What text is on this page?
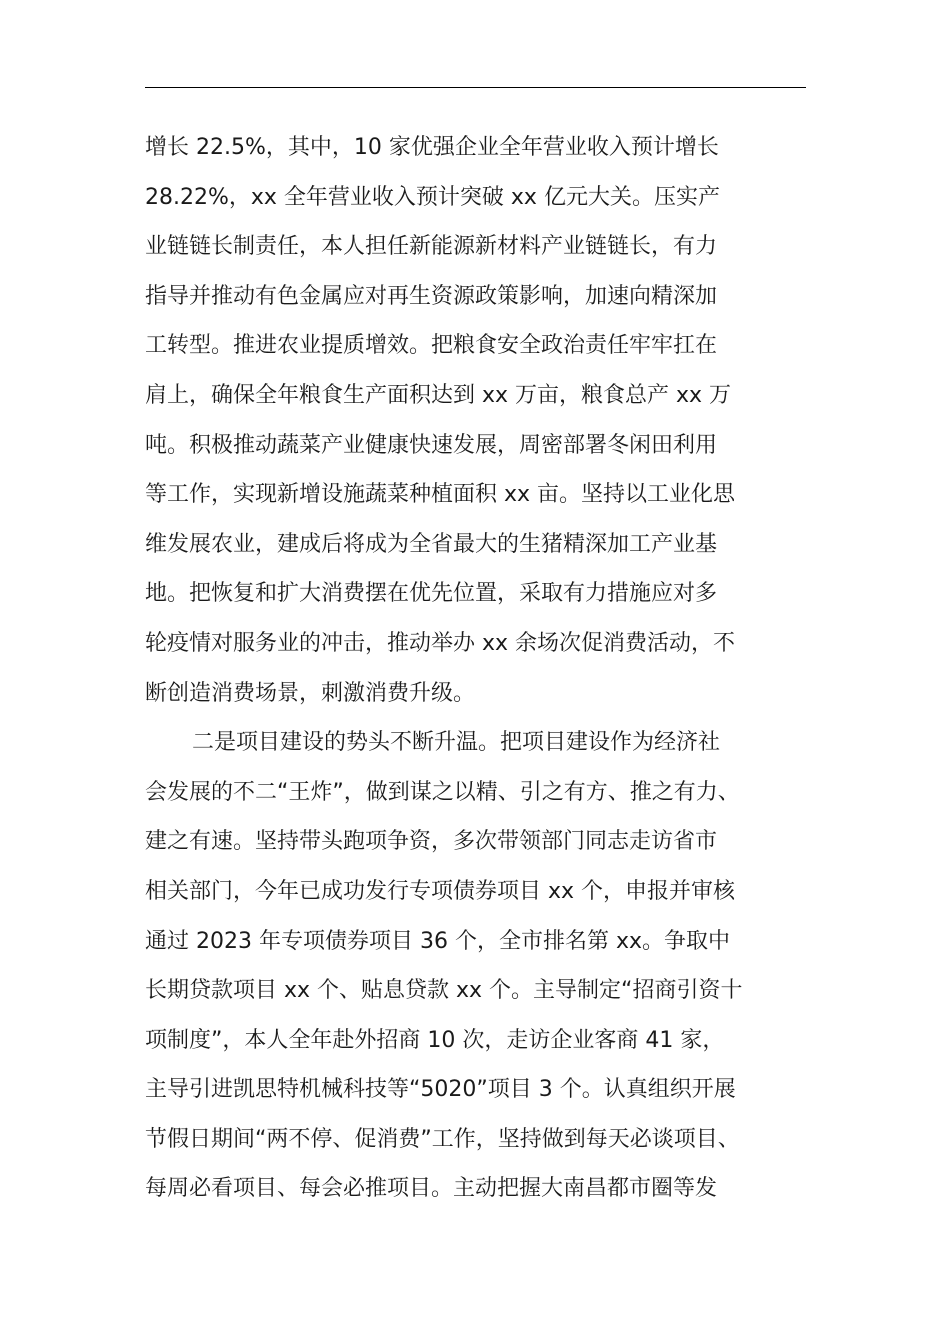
增长 22.5%，其中，10 家优强企业全年营业收入预计增长
28.22%，xx 全年营业收入预计突破 xx 亿元大关。压实产
业链链长制责任，本人担任新能源新材料产业链链长，有力
指导并推动有色金属应对再生资源政策影响，加速向精深加
工转型。推进农业提质增效。把粮食安全政治责任牢牢扛在
肩上，确保全年粮食生产面积达到 xx 万亩，粮食总产 xx 万
吨。积极推动蔬菜产业健康快速发展，周密部署冬闲田利用
等工作，实现新增设施蔬菜种植面积 xx 亩。坚持以工业化思
维发展农业，建成后将成为全省最大的生猪精深加工产业基
地。把恢复和扩大消费摆在优先位置，采取有力措施应对多
轮疫情对服务业的冲击，推动举办 xx 余场次促消费活动，不
断创造消费场景，刺激消费升级。
二是项目建设的势头不断升温。把项目建设作为经济社
会发展的不二“王炸”，做到谋之以精、引之有方、推之有力、
建之有速。坚持带头跑项争资，多次带领部门同志走访省市
相关部门，今年已成功发行专项债券项目 xx 个，申报并审核
通过 2023 年专项债券项目 36 个，全市排名第 xx。争取中
长期贷款项目 xx 个、贴息贷款 xx 个。主导制定“招商引资十
项制度”，本人全年赴外招商 10 次，走访企业客商 41 家，
主导引进凯思特机械科技等“5020”项目 3 个。认真组织开展
节假日期间“两不停、促消费”工作，坚持做到每天必谈项目、
每周必看项目、每会必推项目。主动把握大南昌都市圈等发
